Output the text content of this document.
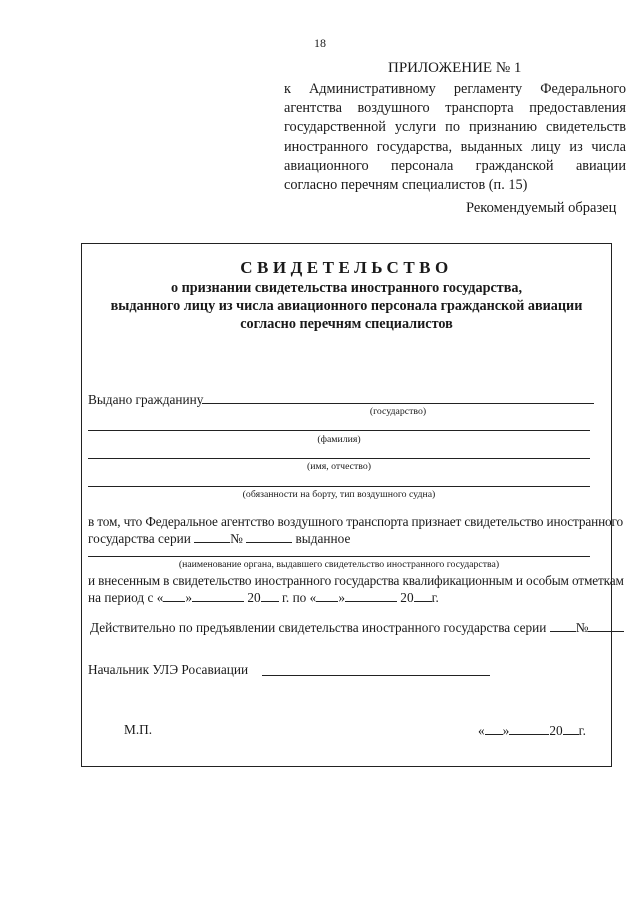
18
ПРИЛОЖЕНИЕ № 1
к Административному регламенту Федерального
агентства воздушного транспорта предоставления
государственной услуги по признанию свидетельств
иностранного государства, выданных лицу из числа
авиационного персонала гражданской авиации
согласно перечням специалистов (п. 15)
Рекомендуемый образец
СВИДЕТЕЛЬСТВО
о признании свидетельства иностранного государства,
выданного лицу из числа авиационного персонала гражданской авиации
согласно перечням специалистов
Выдано гражданину
(государство)
(фамилия)
(имя, отчество)
(обязанности на борту, тип воздушного судна)
в том, что Федеральное агентство воздушного транспорта признает свидетельство иностранного
государства серии	№	выданное
(наименование органа, выдавшего свидетельство иностранного государства)
и внесенным в свидетельство иностранного государства квалификационным и особым отметкам
на период с « »	20 г. по « »	20 г.
Действительно по предъявлении свидетельства иностранного государства серии №
Начальник УЛЭ Росавиации
М.П.	« »	20 г.
